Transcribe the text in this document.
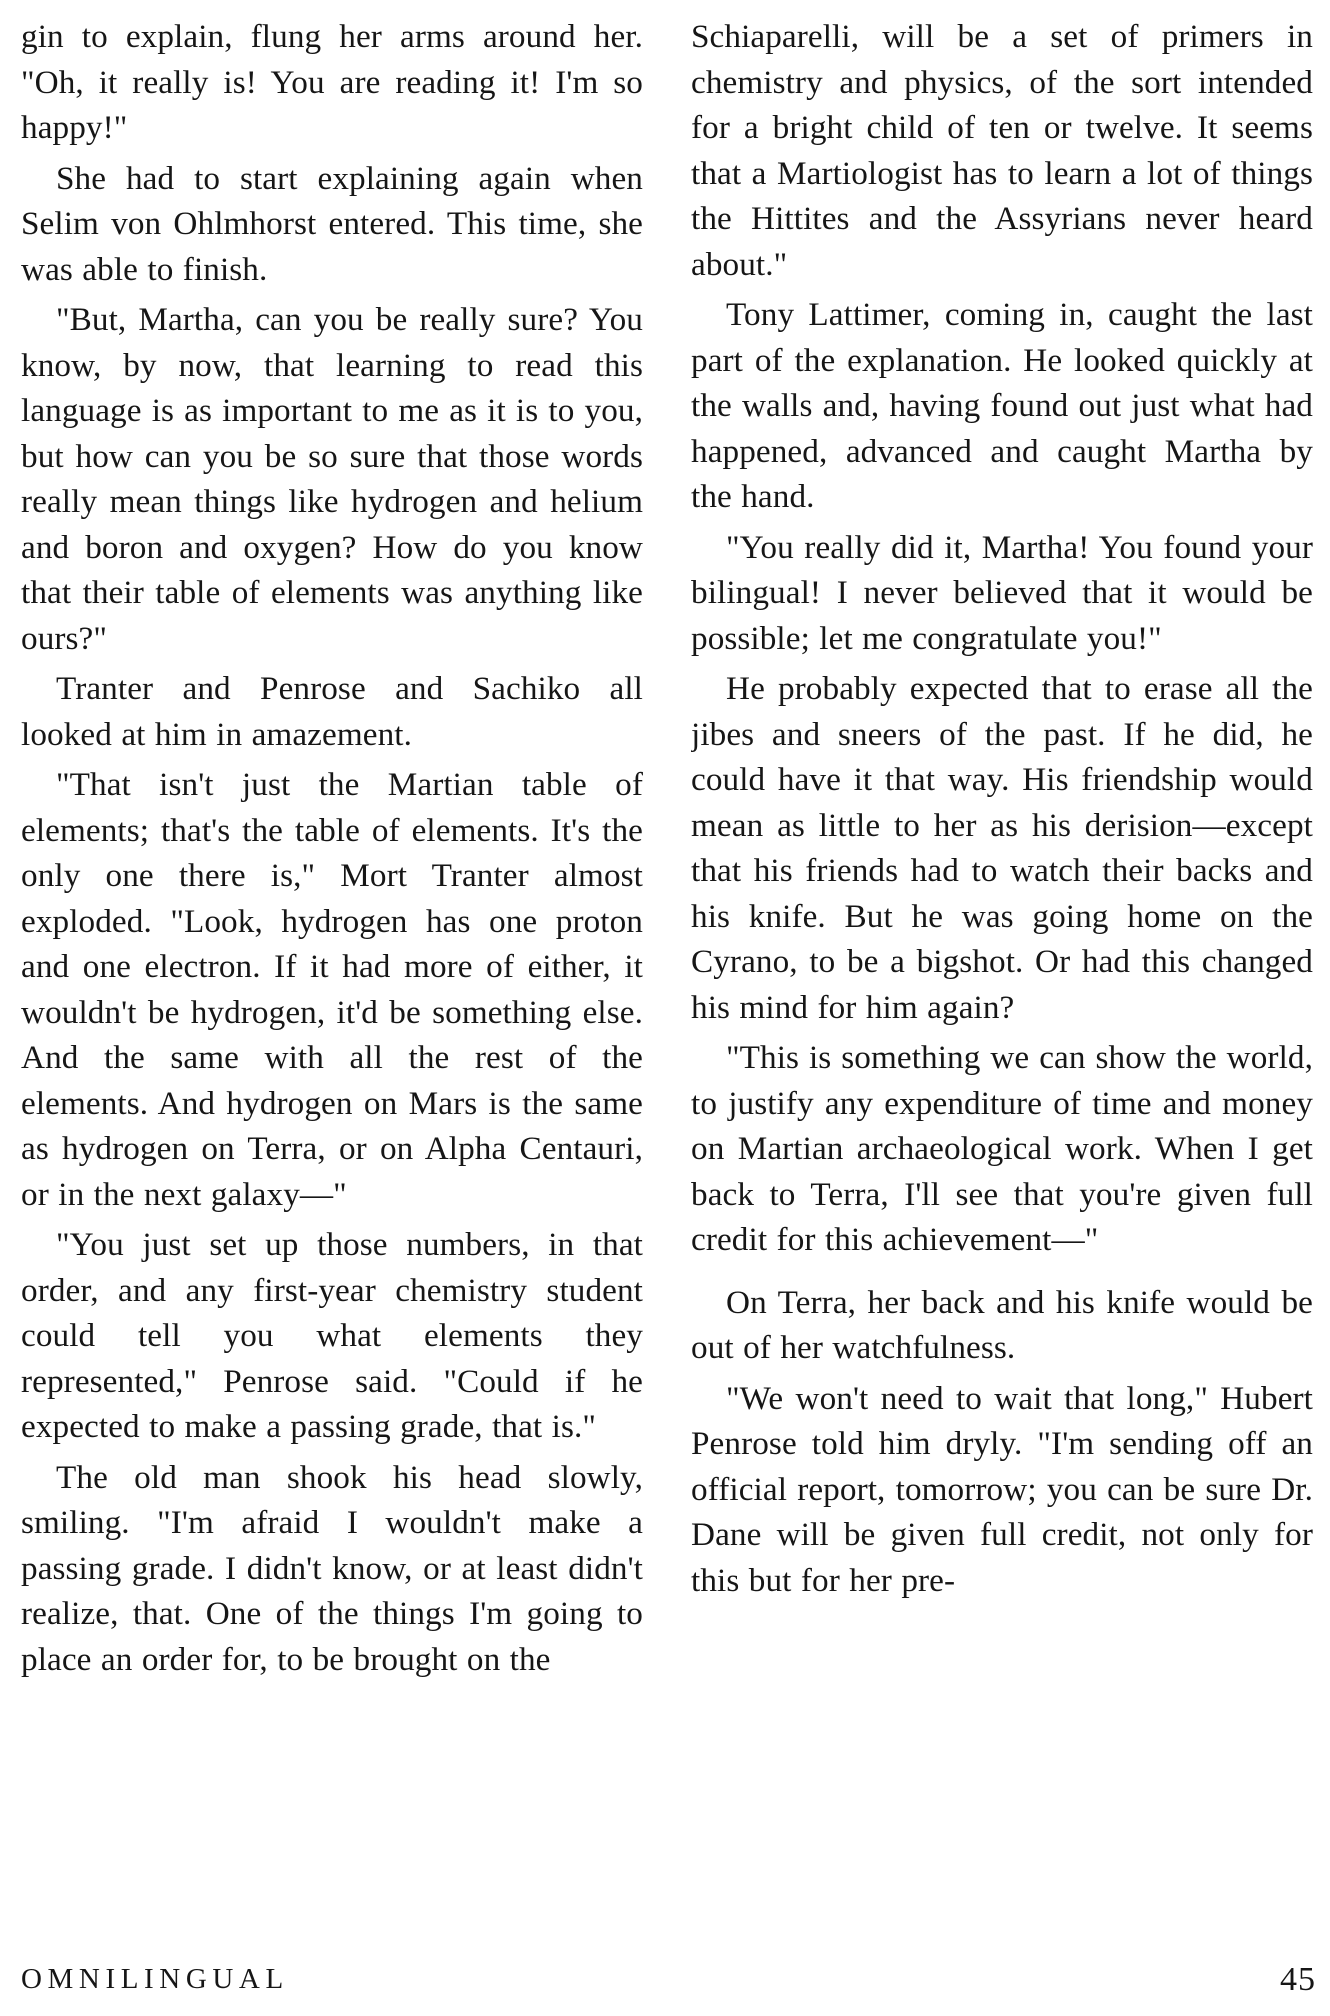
gin to explain, flung her arms around her. "Oh, it really is! You are reading it! I'm so happy!"

She had to start explaining again when Selim von Ohlmhorst entered. This time, she was able to finish.

"But, Martha, can you be really sure? You know, by now, that learning to read this language is as important to me as it is to you, but how can you be so sure that those words really mean things like hydrogen and helium and boron and oxygen? How do you know that their table of elements was anything like ours?"

Tranter and Penrose and Sachiko all looked at him in amazement.

"That isn't just the Martian table of elements; that's the table of elements. It's the only one there is," Mort Tranter almost exploded. "Look, hydrogen has one proton and one electron. If it had more of either, it wouldn't be hydrogen, it'd be something else. And the same with all the rest of the elements. And hydrogen on Mars is the same as hydrogen on Terra, or on Alpha Centauri, or in the next galaxy—"

"You just set up those numbers, in that order, and any first-year chemistry student could tell you what elements they represented," Penrose said. "Could if he expected to make a passing grade, that is."

The old man shook his head slowly, smiling. "I'm afraid I wouldn't make a passing grade. I didn't know, or at least didn't realize, that. One of the things I'm going to place an order for, to be brought on the

Schiaparelli, will be a set of primers in chemistry and physics, of the sort intended for a bright child of ten or twelve. It seems that a Martiologist has to learn a lot of things the Hittites and the Assyrians never heard about."

Tony Lattimer, coming in, caught the last part of the explanation. He looked quickly at the walls and, having found out just what had happened, advanced and caught Martha by the hand.

"You really did it, Martha! You found your bilingual! I never believed that it would be possible; let me congratulate you!"

He probably expected that to erase all the jibes and sneers of the past. If he did, he could have it that way. His friendship would mean as little to her as his derision—except that his friends had to watch their backs and his knife. But he was going home on the Cyrano, to be a bigshot. Or had this changed his mind for him again?

"This is something we can show the world, to justify any expenditure of time and money on Martian archaeological work. When I get back to Terra, I'll see that you're given full credit for this achievement—"

On Terra, her back and his knife would be out of her watchfulness.

"We won't need to wait that long," Hubert Penrose told him dryly. "I'm sending off an official report, tomorrow; you can be sure Dr. Dane will be given full credit, not only for this but for her pre-

OMNILINGUAL	45
